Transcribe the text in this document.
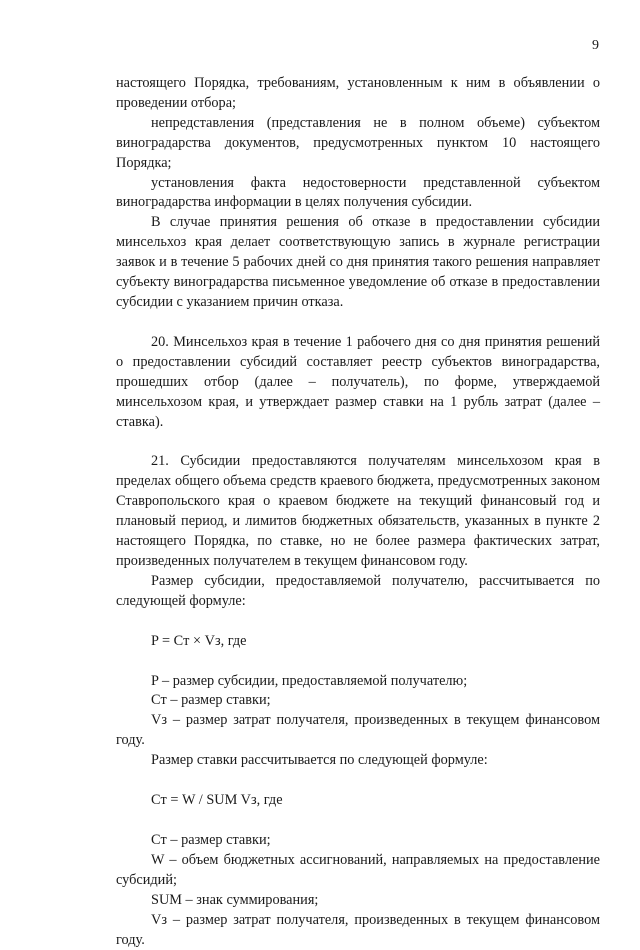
9

настоящего Порядка, требованиям, установленным к ним в объявлении о проведении отбора;

непредставления (представления не в полном объеме) субъектом виноградарства документов, предусмотренных пунктом 10 настоящего Порядка;

установления факта недостоверности представленной субъектом виноградарства информации в целях получения субсидии.

В случае принятия решения об отказе в предоставлении субсидии минсельхоз края делает соответствующую запись в журнале регистрации заявок и в течение 5 рабочих дней со дня принятия такого решения направляет субъекту виноградарства письменное уведомление об отказе в предоставлении субсидии с указанием причин отказа.

20. Минсельхоз края в течение 1 рабочего дня со дня принятия решений о предоставлении субсидий составляет реестр субъектов виноградарства, прошедших отбор (далее – получатель), по форме, утверждаемой минсельхозом края, и утверждает размер ставки на 1 рубль затрат (далее – ставка).

21. Субсидии предоставляются получателям минсельхозом края в пределах общего объема средств краевого бюджета, предусмотренных законом Ставропольского края о краевом бюджете на текущий финансовый год и плановый период, и лимитов бюджетных обязательств, указанных в пункте 2 настоящего Порядка, по ставке, но не более размера фактических затрат, произведенных получателем в текущем финансовом году.

Размер субсидии, предоставляемой получателю, рассчитывается по следующей формуле:

P = Cт × Vз, где

P – размер субсидии, предоставляемой получателю;

Cт – размер ставки;

Vз – размер затрат получателя, произведенных в текущем финансовом году.

Размер ставки рассчитывается по следующей формуле:

Cт = W / SUM Vз, где

Cт – размер ставки;

W – объем бюджетных ассигнований, направляемых на предоставление субсидий;

SUM – знак суммирования;

Vз – размер затрат получателя, произведенных в текущем финансовом году.
